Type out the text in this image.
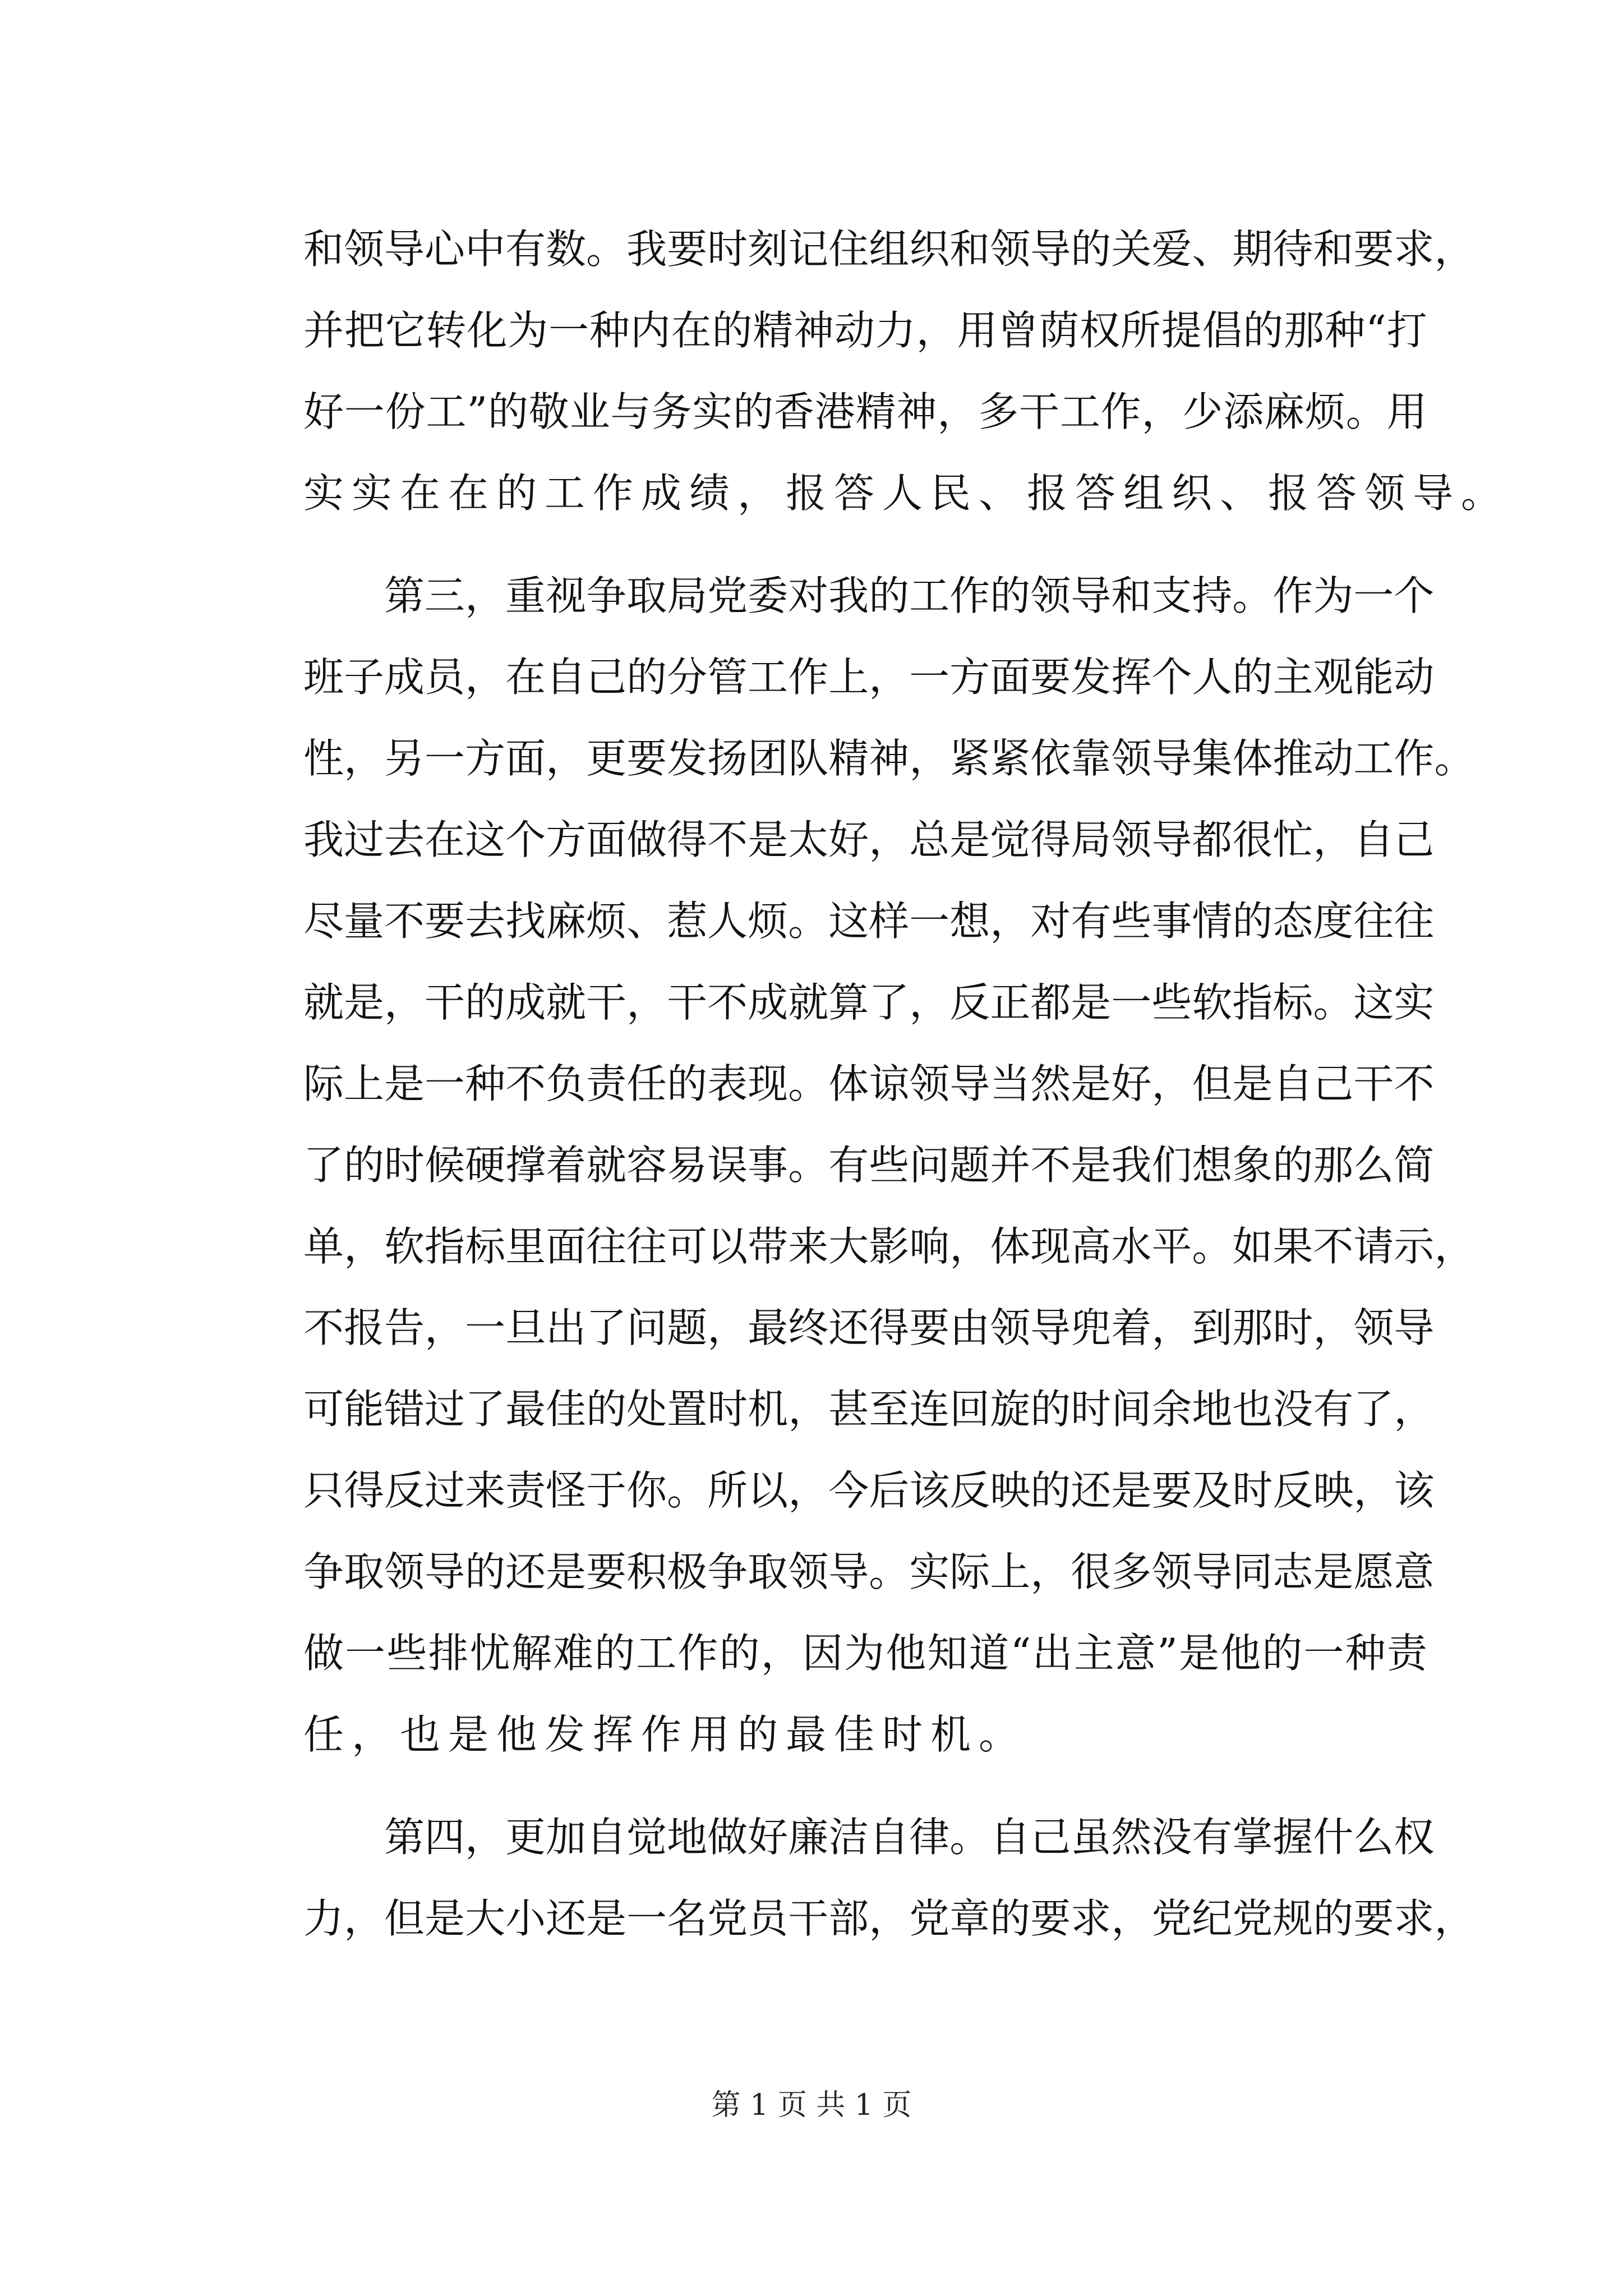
和 领 导 心 中 有 数 。 我 要 时 刻 记 住 组 织 和 领 导 的 关 爱 、 期 待 和 要 求 ，
并 把 它 转 化 为 一 种 内 在 的 精 神 动 力 ， 用 曾 荫 权 所 提 倡 的 那 种 “ 打
好 一 份 工 ” 的 敬 业 与 务 实 的 香 港 精 神 ， 多 干 工 作 ， 少 添 麻 烦 。 用
实实在在的工作成绩，报答人民、报答组织、报答领导。
第 三 ， 重 视 争 取 局 党 委 对 我 的 工 作 的 领 导 和 支 持 。 作 为 一 个
班 子 成 员 ， 在 自 己 的 分 管 工 作 上 ， 一 方 面 要 发 挥 个 人 的 主 观 能 动
性 ， 另 一 方 面 ， 更 要 发 扬 团 队 精 神 ， 紧 紧 依 靠 领 导 集 体 推 动 工 作 。
我 过 去 在 这 个 方 面 做 得 不 是 太 好 ， 总 是 觉 得 局 领 导 都 很 忙 ， 自 己
尽 量 不 要 去 找 麻 烦 、 惹 人 烦 。 这 样 一 想 ， 对 有 些 事 情 的 态 度 往 往
就 是 ， 干 的 成 就 干 ， 干 不 成 就 算 了 ， 反 正 都 是 一 些 软 指 标 。 这 实
际 上 是 一 种 不 负 责 任 的 表 现 。 体 谅 领 导 当 然 是 好 ， 但 是 自 己 干 不
了 的 时 候 硬 撑 着 就 容 易 误 事 。 有 些 问 题 并 不 是 我 们 想 象 的 那 么 简
单 ， 软 指 标 里 面 往 往 可 以 带 来 大 影 响 ， 体 现 高 水 平 。 如 果 不 请 示 ，
不 报 告 ， 一 旦 出 了 问 题 ， 最 终 还 得 要 由 领 导 兜 着 ， 到 那 时 ， 领 导
可 能 错 过 了 最 佳 的 处 置 时 机 ， 甚 至 连 回 旋 的 时 间 余 地 也 没 有 了 ，
只 得 反 过 来 责 怪 于 你 。 所 以 ， 今 后 该 反 映 的 还 是 要 及 时 反 映 ， 该
争 取 领 导 的 还 是 要 积 极 争 取 领 导 。 实 际 上 ， 很 多 领 导 同 志 是 愿 意
做 一 些 排 忧 解 难 的 工 作 的 ， 因 为 他 知 道 “ 出 主 意 ” 是 他 的 一 种 责
任，也是他发挥作用的最佳时机。
第 四 ， 更 加 自 觉 地 做 好 廉 洁 自 律 。 自 己 虽 然 没 有 掌 握 什 么 权
力 ， 但 是 大 小 还 是 一 名 党 员 干 部 ， 党 章 的 要 求 ， 党 纪 党 规 的 要 求 ，
第 1 页 共 1 页
